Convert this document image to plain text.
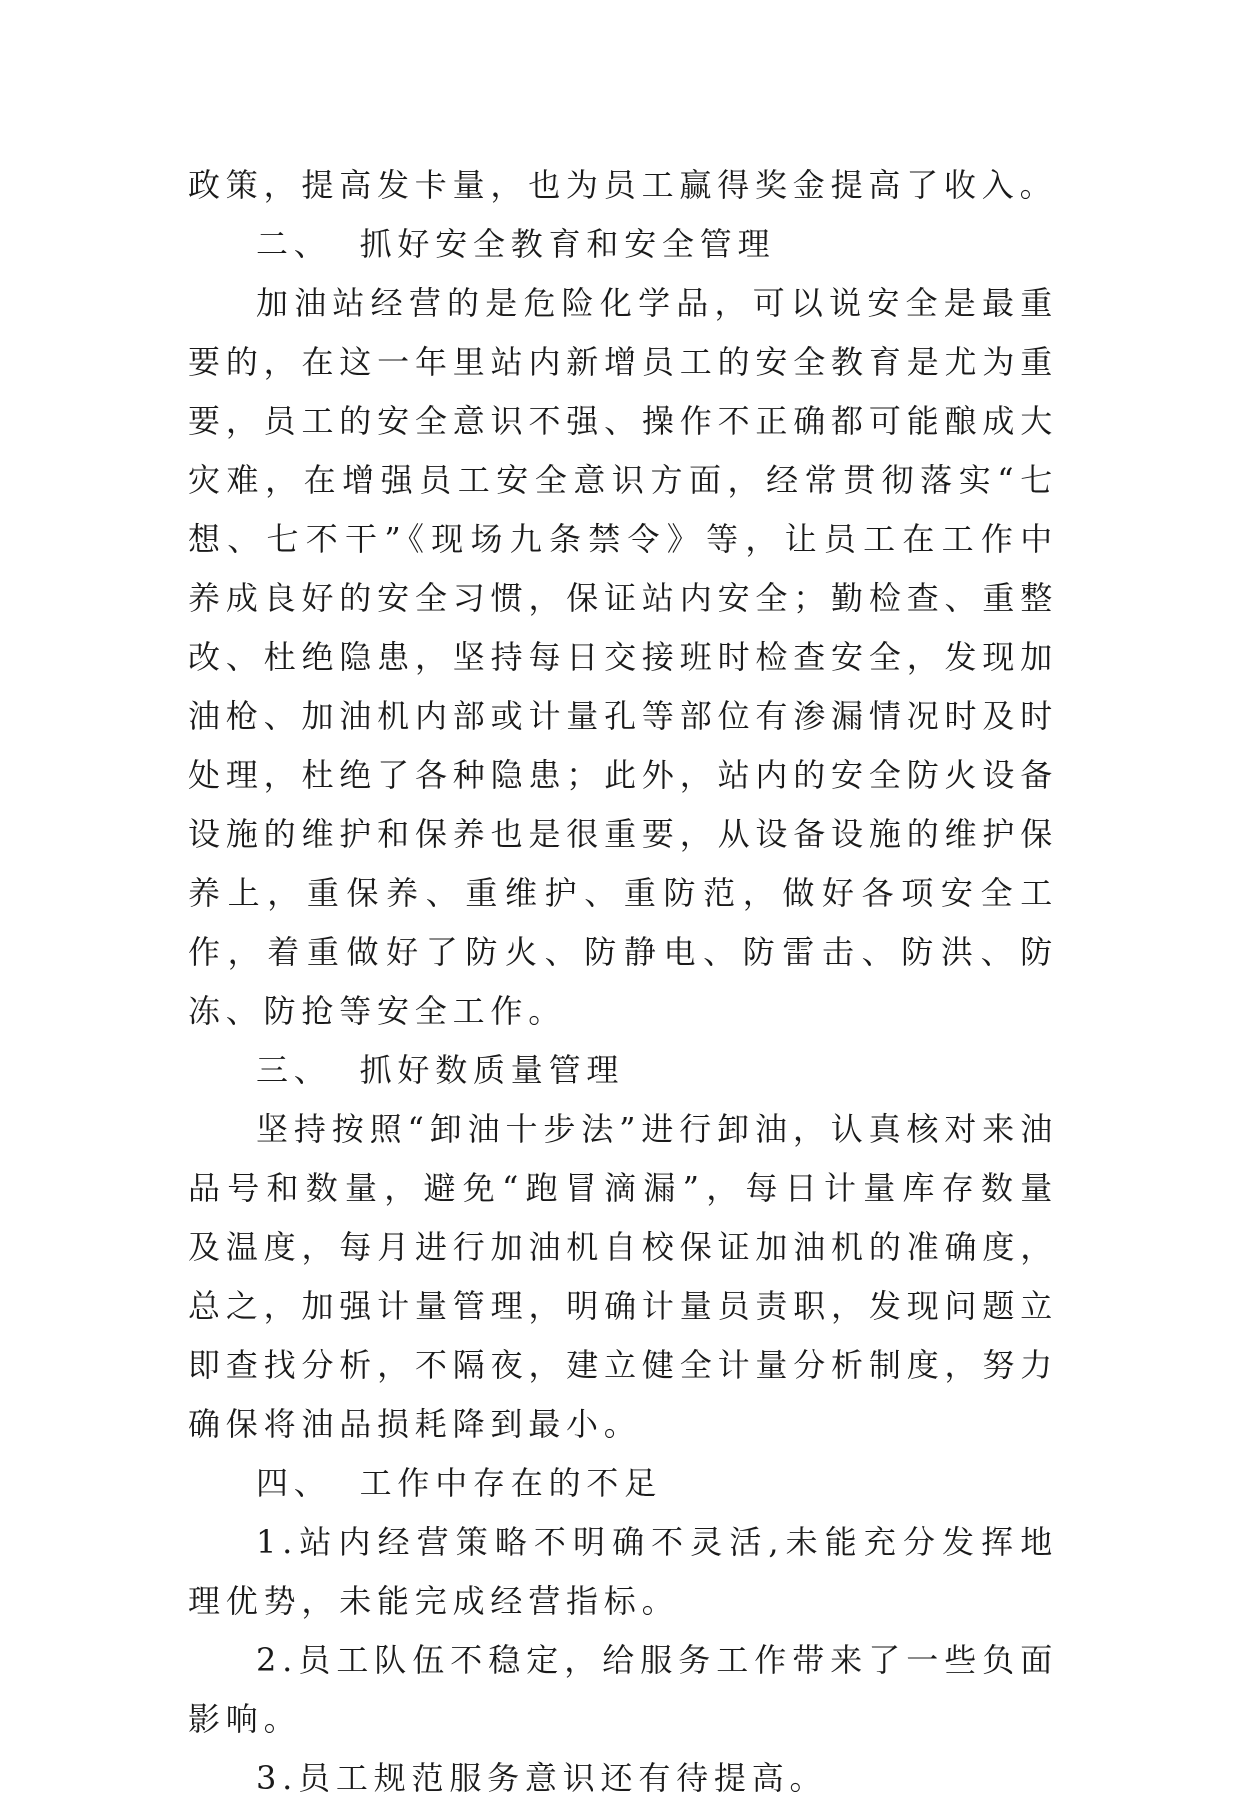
政策，提高发卡量，也为员工赢得奖金提高了收入。

二、 抓好安全教育和安全管理

加油站经营的是危险化学品，可以说安全是最重要的，在这一年里站内新增员工的安全教育是尤为重要，员工的安全意识不强、操作不正确都可能酿成大灾难，在增强员工安全意识方面，经常贯彻落实“七想、七不干”《现场九条禁令》等，让员工在工作中养成良好的安全习惯，保证站内安全；勤检查、重整改、杜绝隐患，坚持每日交接班时检查安全，发现加油枪、加油机内部或计量孔等部位有渗漏情况时及时处理，杜绝了各种隐患；此外，站内的安全防火设备设施的维护和保养也是很重要，从设备设施的维护保养上，重保养、重维护、重防范，做好各项安全工作，着重做好了防火、防静电、防雷击、防洪、防冻、防抢等安全工作。

三、 抓好数质量管理

坚持按照“卸油十步法”进行卸油，认真核对来油品号和数量，避免“跑冒滴漏”，每日计量库存数量及温度，每月进行加油机自校保证加油机的准确度，总之，加强计量管理，明确计量员责职，发现问题立即查找分析，不隔夜，建立健全计量分析制度，努力确保将油品损耗降到最小。

四、 工作中存在的不足

1.站内经营策略不明确不灵活,未能充分发挥地理优势，未能完成经营指标。

2.员工队伍不稳定，给服务工作带来了一些负面影响。

3.员工规范服务意识还有待提高。
